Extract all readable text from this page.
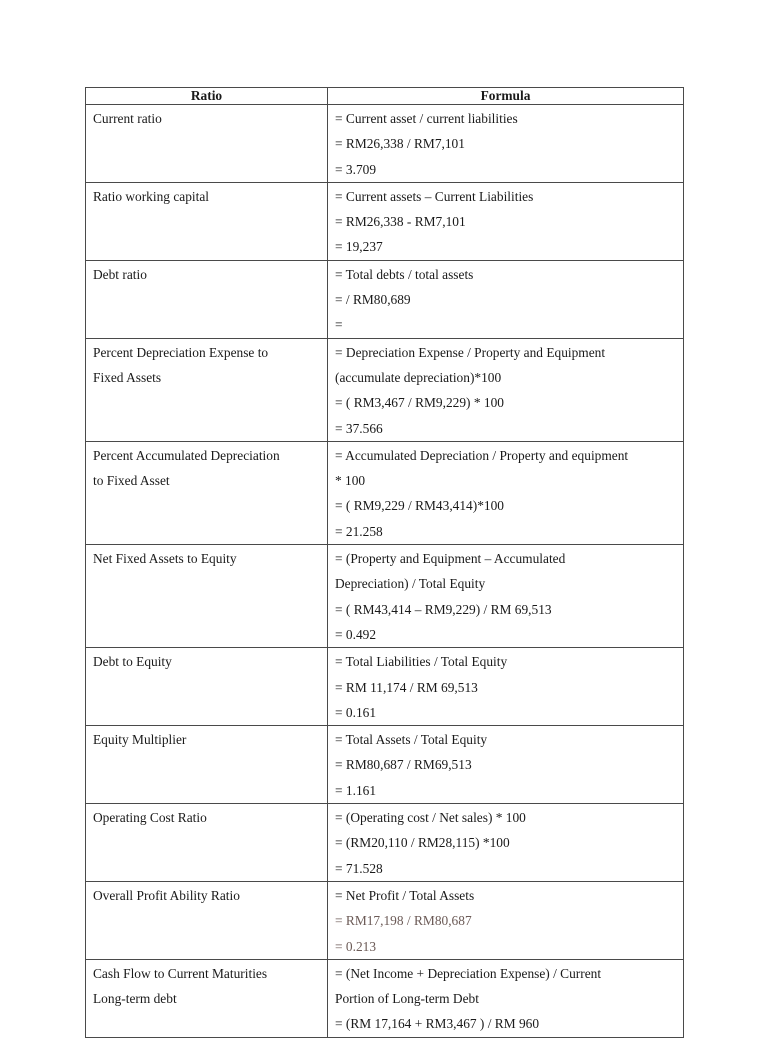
Ratio	Formula

Current ratio	= Current asset / current liabilities
= RM26,338 / RM7,101
= 3.709

Ratio working capital	= Current assets – Current Liabilities
= RM26,338 - RM7,101
= 19,237

Debt ratio	= Total debts / total assets
= / RM80,689
=

Percent Depreciation Expense to
Fixed Assets	= Depreciation Expense / Property and Equipment
(accumulate depreciation)*100
= ( RM3,467 / RM9,229) * 100
= 37.566

Percent Accumulated Depreciation
to Fixed Asset	= Accumulated Depreciation / Property and equipment
* 100
= ( RM9,229 / RM43,414)*100
= 21.258

Net Fixed Assets to Equity	= (Property and Equipment – Accumulated
Depreciation) / Total Equity
= ( RM43,414 – RM9,229) / RM 69,513
= 0.492

Debt to Equity	= Total Liabilities / Total Equity
= RM 11,174 / RM 69,513
= 0.161

Equity Multiplier	= Total Assets / Total Equity
= RM80,687 / RM69,513
= 1.161

Operating Cost Ratio	= (Operating cost / Net sales) * 100
= (RM20,110 / RM28,115) *100
= 71.528

Overall Profit Ability Ratio	= Net Profit / Total Assets
= RM17,198 / RM80,687
= 0.213

Cash Flow to Current Maturities
Long-term debt	= (Net Income + Depreciation Expense) / Current
Portion of Long-term Debt
= (RM 17,164 + RM3,467 ) / RM 960
